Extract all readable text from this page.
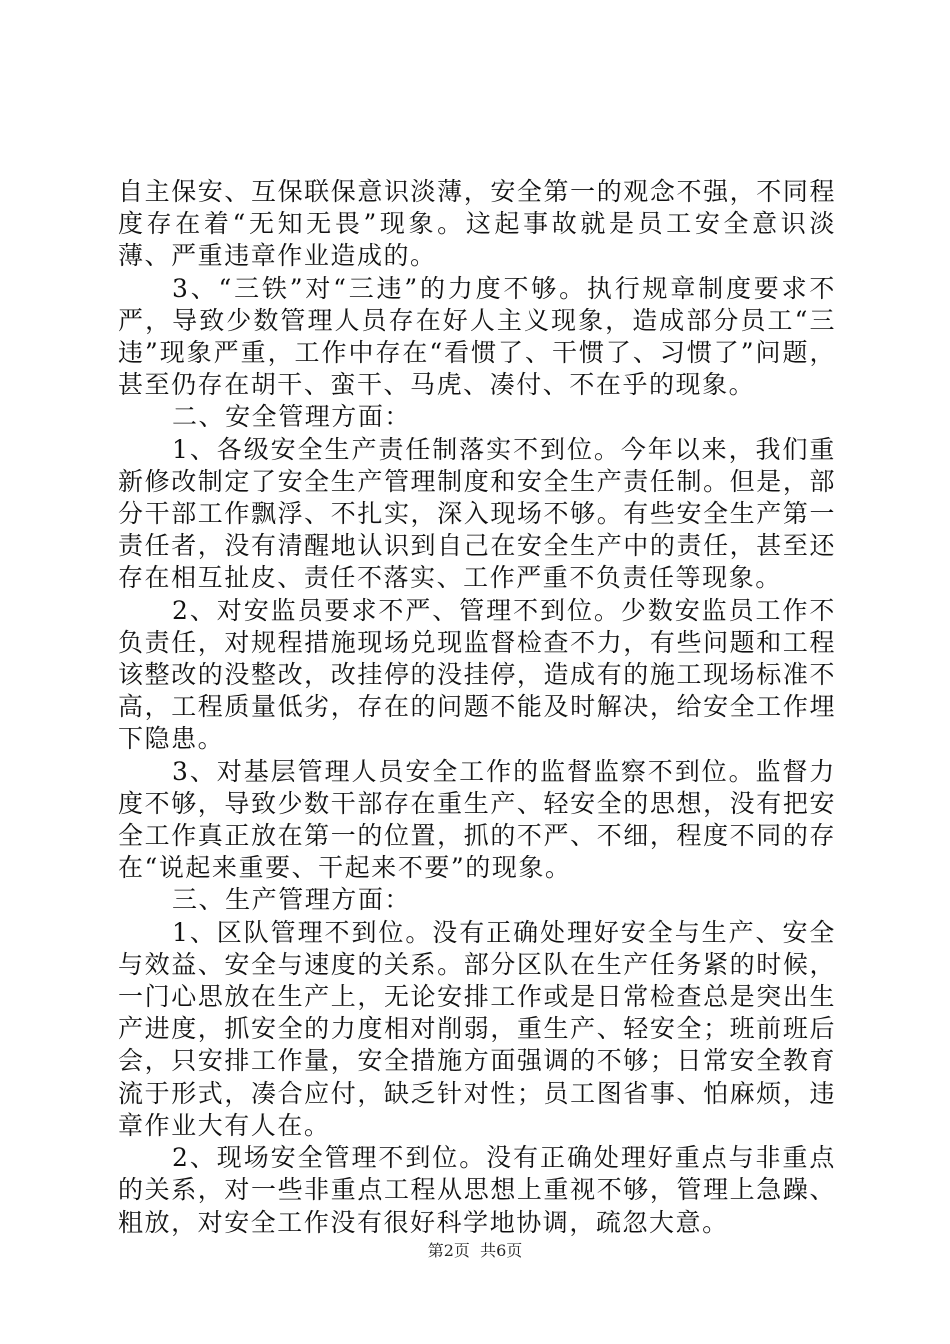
自主保安、互保联保意识淡薄，安全第一的观念不强，不同程度存在着“无知无畏”现象。这起事故就是员工安全意识淡薄、严重违章作业造成的。

3、“三铁”对“三违”的力度不够。执行规章制度要求不严，导致少数管理人员存在好人主义现象，造成部分员工“三违”现象严重，工作中存在“看惯了、干惯了、习惯了”问题，甚至仍存在胡干、蛮干、马虎、凑付、不在乎的现象。

二、安全管理方面：

1、各级安全生产责任制落实不到位。今年以来，我们重新修改制定了安全生产管理制度和安全生产责任制。但是，部分干部工作飘浮、不扎实，深入现场不够。有些安全生产第一责任者，没有清醒地认识到自己在安全生产中的责任，甚至还存在相互扯皮、责任不落实、工作严重不负责任等现象。

2、对安监员要求不严、管理不到位。少数安监员工作不负责任，对规程措施现场兑现监督检查不力，有些问题和工程该整改的没整改，改挂停的没挂停，造成有的施工现场标准不高，工程质量低劣，存在的问题不能及时解决，给安全工作埋下隐患。

3、对基层管理人员安全工作的监督监察不到位。监督力度不够，导致少数干部存在重生产、轻安全的思想，没有把安全工作真正放在第一的位置，抓的不严、不细，程度不同的存在“说起来重要、干起来不要”的现象。

三、生产管理方面：

1、区队管理不到位。没有正确处理好安全与生产、安全与效益、安全与速度的关系。部分区队在生产任务紧的时候，一门心思放在生产上，无论安排工作或是日常检查总是突出生产进度，抓安全的力度相对削弱，重生产、轻安全；班前班后会，只安排工作量，安全措施方面强调的不够；日常安全教育流于形式，凑合应付，缺乏针对性；员工图省事、怕麻烦，违章作业大有人在。

2、现场安全管理不到位。没有正确处理好重点与非重点的关系，对一些非重点工程从思想上重视不够，管理上急躁、粗放，对安全工作没有很好科学地协调，疏忽大意。

第2页  共6页
